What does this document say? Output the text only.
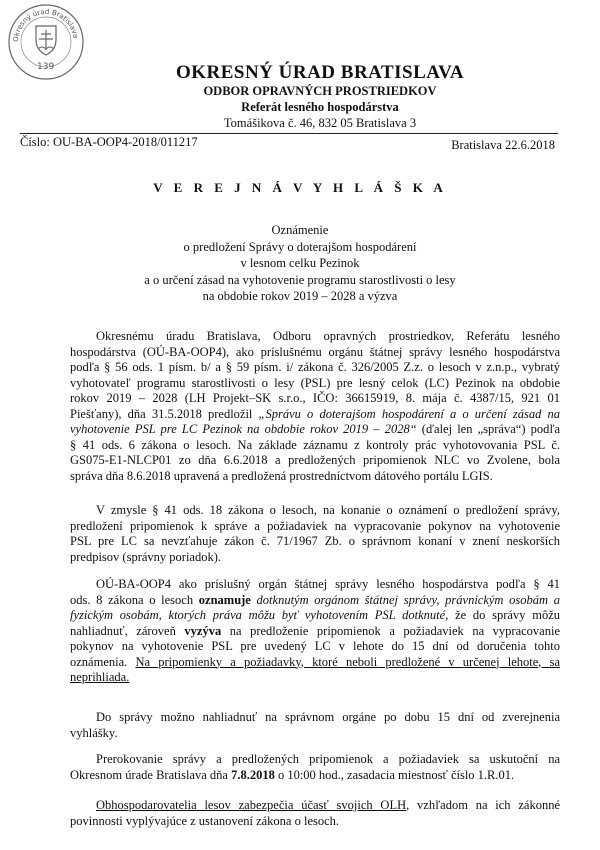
Okresný úrad Bratislava
139	OKRESNÝ ÚRAD BRATISLAVA
ODBOR OPRAVNÝCH PROSTRIEDKOV
Referát lesného hospodárstva
Tomášikova č. 46, 832 05 Bratislava 3
Číslo: OU-BA-OOP4-2018/011217	Bratislava 22.6.2018
V E R E J N Á V Y H L Á Š K A
Oznámenie
o predložení Správy o doterajšom hospodárení
v lesnom celku Pezinok
a o určení zásad na vyhotovenie programu starostlivosti o lesy
na obdobie rokov 2019 – 2028 a výzva
Okresnému úradu Bratislava, Odboru opravných prostriedkov, Referátu lesného
hospodárstva (OÚ-BA-OOP4), ako príslušnému orgánu štátnej správy lesného hospodárstva
podľa § 56 ods. 1 písm. b/ a § 59 písm. i/ zákona č. 326/2005 Z.z. o lesoch v z.n.p., vybratý
vyhotovateľ programu starostlivosti o lesy (PSL) pre lesný celok (LC) Pezinok na obdobie
rokov 2019 – 2028 (LH Projekt–SK s.r.o., IČO: 36615919, 8. mája č. 4387/15, 921 01
Piešťany), dňa 31.5.2018 predložil „Správu o doterajšom hospodárení a o určení zásad na
vyhotovenie PSL pre LC Pezinok na obdobie rokov 2019 – 2028“ (ďalej len „správa“) podľa
§ 41 ods. 6 zákona o lesoch. Na základe záznamu z kontroly prác vyhotovovania PSL č.
GS075-E1-NLCP01 zo dňa 6.6.2018 a predložených pripomienok NLC vo Zvolene, bola
správa dňa 8.6.2018 upravená a predložená prostredníctvom dátového portálu LGIS.
V zmysle § 41 ods. 18 zákona o lesoch, na konanie o oznámení o predložení správy,
predložení pripomienok k správe a požiadaviek na vypracovanie pokynov na vyhotovenie
PSL pre LC sa nevzťahuje zákon č. 71/1967 Zb. o správnom konaní v znení neskorších
predpisov (správny poriadok).
OÚ-BA-OOP4 ako príslušný orgán štátnej správy lesného hospodárstva podľa § 41
ods. 8 zákona o lesoch oznamuje dotknutým orgánom štátnej správy, právnickým osobám a
fyzickým osobám, ktorých práva môžu byť vyhotovením PSL dotknuté, že do správy môžu
nahliadnuť, zároveň vyzýva na predloženie pripomienok a požiadaviek na vypracovanie
pokynov na vyhotovenie PSL pre uvedený LC v lehote do 15 dní od doručenia tohto
oznámenia. Na pripomienky a požiadavky, ktoré neboli predložené v určenej lehote, sa
neprihliada.
Do správy možno nahliadnuť na správnom orgáne po dobu 15 dní od zverejnenia
vyhlášky.
Prerokovanie správy a predložených pripomienok a požiadaviek sa uskutoční na
Okresnom úrade Bratislava dňa 7.8.2018 o 10:00 hod., zasadacia miestnosť číslo 1.R.01.
Obhospodarovatelia lesov zabezpečia účasť svojich OLH, vzhľadom na ich zákonné
povinnosti vyplývajúce z ustanovení zákona o lesoch.
